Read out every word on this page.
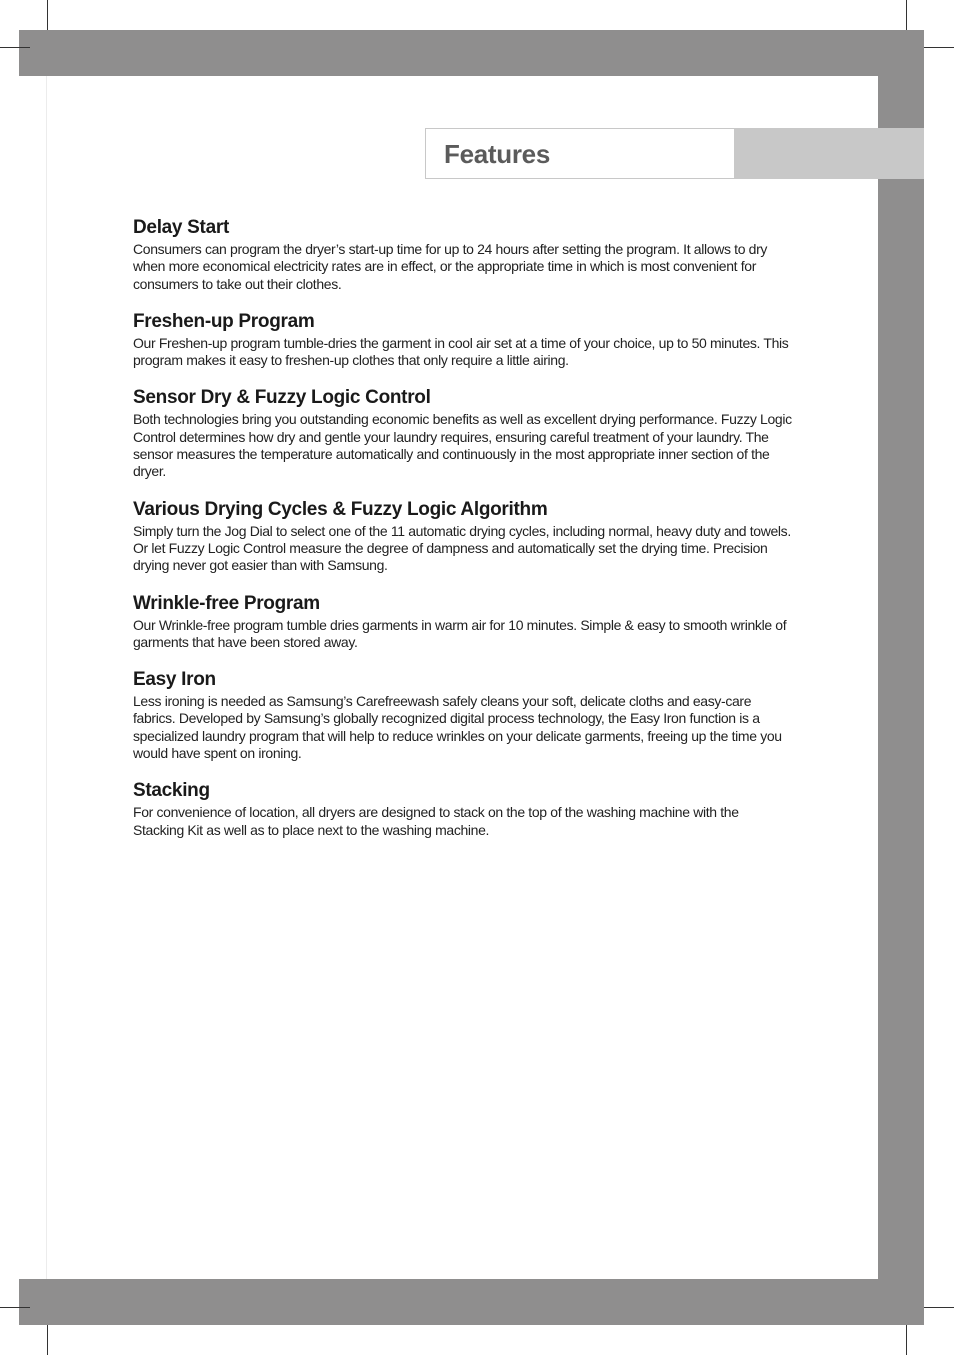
Features
Delay Start

Consumers can program the dryer’s start-up time for up to 24 hours after setting the program. It allows to dry when more economical electricity rates are in effect, or the appropriate time in which is most convenient for consumers to take out their clothes.

Freshen-up Program

Our Freshen-up program tumble-dries the garment in cool air set at a time of your choice, up to 50 minutes. This program makes it easy to freshen-up clothes that only require a little airing.

Sensor Dry & Fuzzy Logic Control

Both technologies bring you outstanding economic benefits as well as excellent drying performance. Fuzzy Logic Control determines how dry and gentle your laundry requires, ensuring careful treatment of your laundry. The sensor measures the temperature automatically and continuously in the most appropriate inner section of the dryer.

Various Drying Cycles & Fuzzy Logic Algorithm

Simply turn the Jog Dial to select one of the 11 automatic drying cycles, including normal, heavy duty and towels. Or let Fuzzy Logic Control measure the degree of dampness and automatically set the drying time. Precision drying never got easier than with Samsung.

Wrinkle-free Program

Our Wrinkle-free program tumble dries garments in warm air for 10 minutes. Simple & easy to smooth wrinkle of garments that have been stored away.

Easy Iron

Less ironing is needed as Samsung’s Carefreewash safely cleans your soft, delicate cloths and easy-care fabrics. Developed by Samsung’s globally recognized digital process technology, the Easy Iron function is a specialized laundry program that will help to reduce wrinkles on your delicate garments, freeing up the time you would have spent on ironing.

Stacking

For convenience of location, all dryers are designed to stack on the top of the washing machine with the Stacking Kit as well as to place next to the washing machine.
